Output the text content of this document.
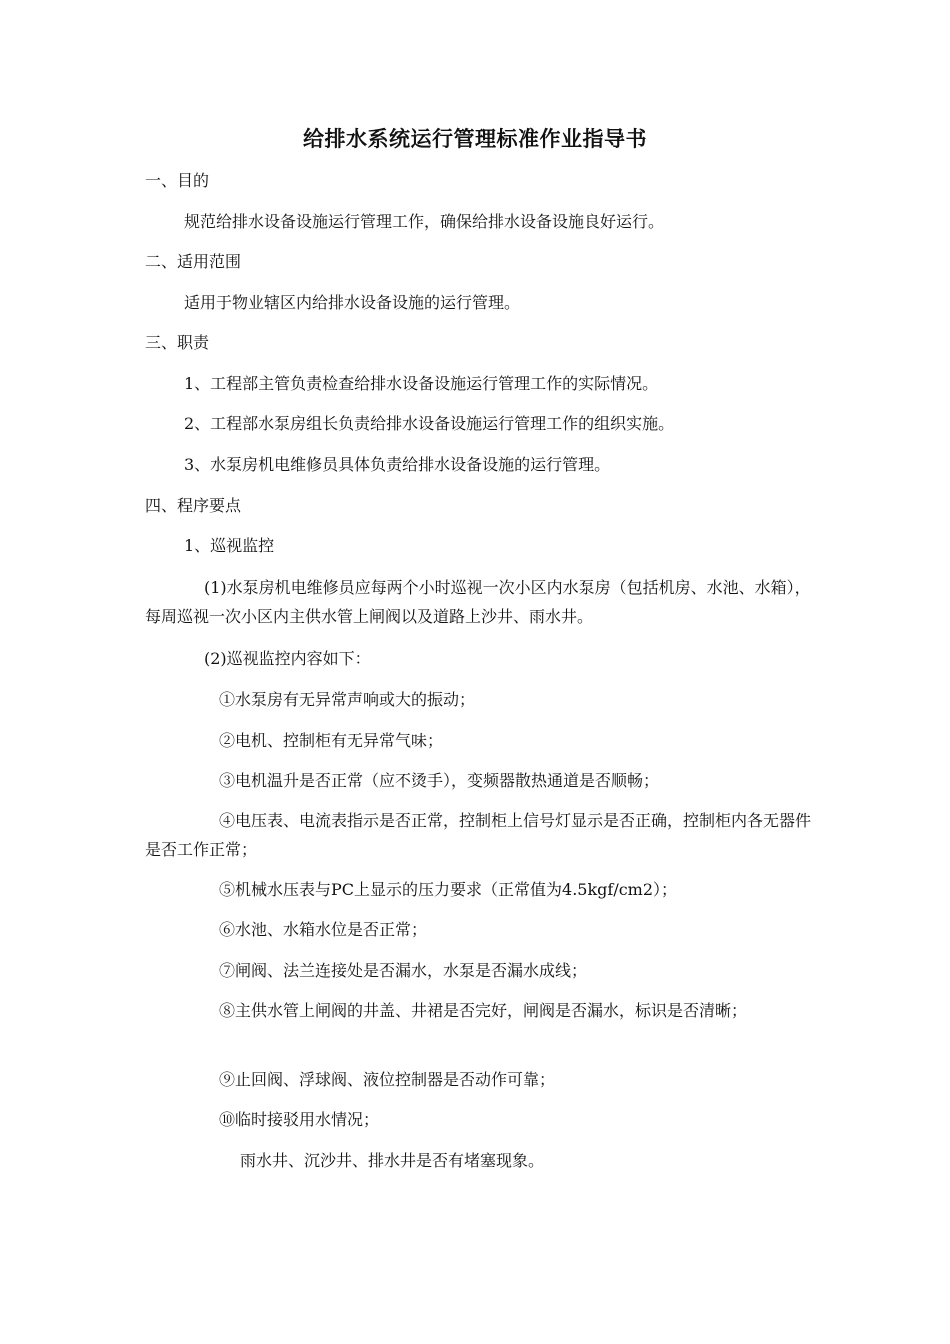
给排水系统运行管理标准作业指导书
一、目的
规范给排水设备设施运行管理工作，确保给排水设备设施良好运行。
二、适用范围
适用于物业辖区内给排水设备设施的运行管理。
三、职责
1、工程部主管负责检查给排水设备设施运行管理工作的实际情况。
2、工程部水泵房组长负责给排水设备设施运行管理工作的组织实施。
3、水泵房机电维修员具体负责给排水设备设施的运行管理。
四、程序要点
1、巡视监控
(1)水泵房机电维修员应每两个小时巡视一次小区内水泵房（包括机房、水池、水箱），每周巡视一次小区内主供水管上闸阀以及道路上沙井、雨水井。
(2)巡视监控内容如下：
①水泵房有无异常声响或大的振动；
②电机、控制柜有无异常气味；
③电机温升是否正常（应不烫手），变频器散热通道是否顺畅；
④电压表、电流表指示是否正常，控制柜上信号灯显示是否正确，控制柜内各无器件是否工作正常；
⑤机械水压表与PC上显示的压力要求（正常值为4.5kgf/cm2）；
⑥水池、水箱水位是否正常；
⑦闸阀、法兰连接处是否漏水，水泵是否漏水成线；
⑧主供水管上闸阀的井盖、井裙是否完好，闸阀是否漏水，标识是否清晰；
⑨止回阀、浮球阀、液位控制器是否动作可靠；
⑩临时接驳用水情况；
雨水井、沉沙井、排水井是否有堵塞现象。
